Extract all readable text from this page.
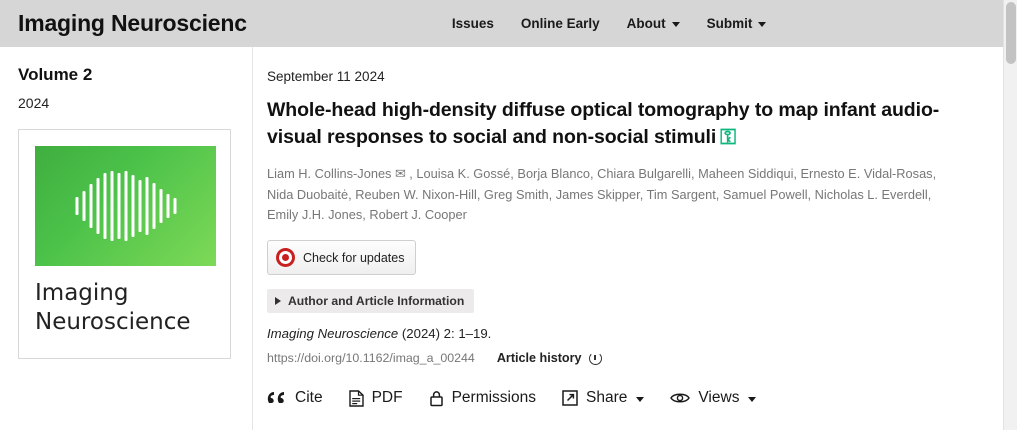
Imaging Neuroscienc	Issues Online Early About	Submit
Volume 2
2024
Imaging
Neuroscience
September 11 2024
Whole-head high-density diffuse optical tomography to map infant audio-visual responses to social and non-social stimuli ⚿
Liam H. Collins-Jones ✉ , Louisa K. Gossé, Borja Blanco, Chiara Bulgarelli, Maheen Siddiqui, Ernesto E. Vidal-Rosas,
Nida Duobaitė, Reuben W. Nixon-Hill, Greg Smith, James Skipper, Tim Sargent, Samuel Powell, Nicholas L. Everdell,
Emily J.H. Jones, Robert J. Cooper
Check for updates
Author and Article Information
Imaging Neuroscience (2024) 2: 1–19.
https://doi.org/10.1162/imag_a_00244 Article history
Cite	PDF	Permissions	Share	Views
